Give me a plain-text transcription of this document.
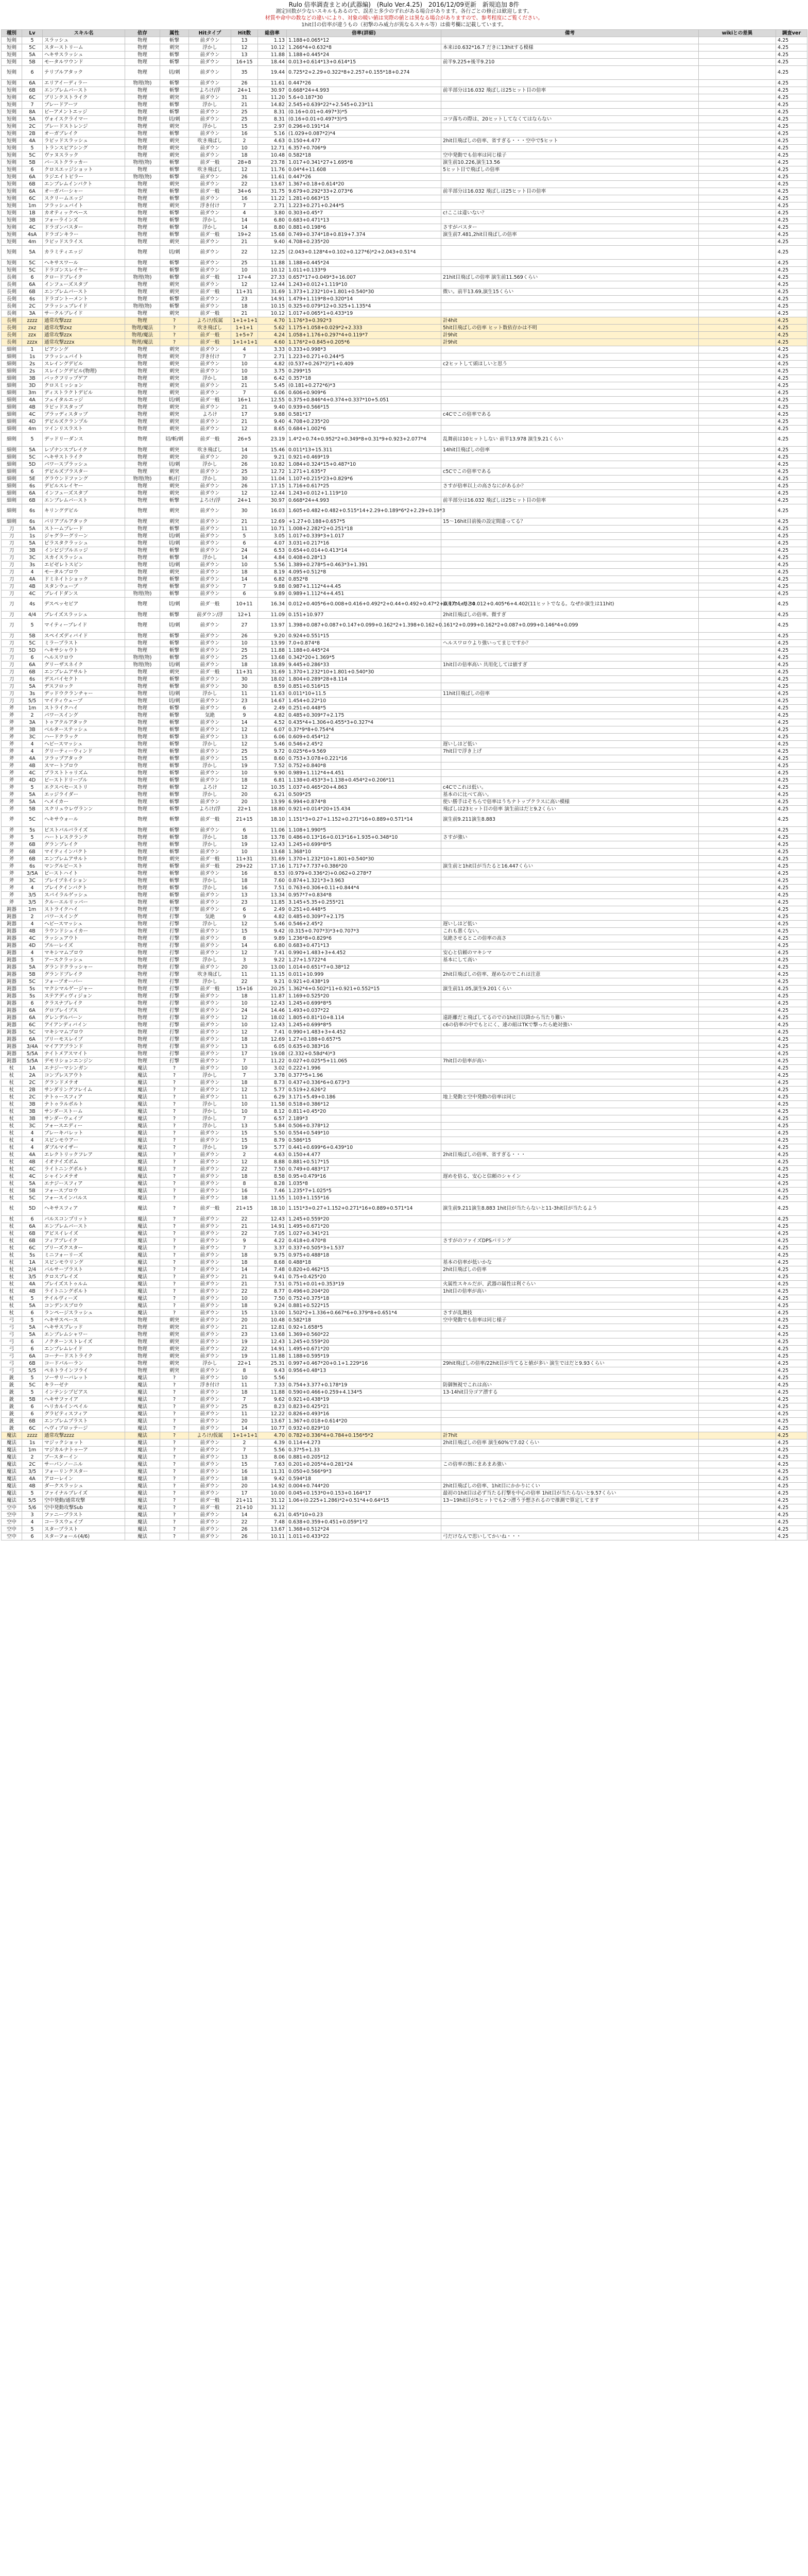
Rulo 倍率調査まとめ(武器編) (Rulo Ver.4.25) 2016/12/09更新 新規追加 8件
測定回数が少ないスキルもあるので、誤差と多少のずれがある場合があります。各行ごとの修正は歓迎します。
材質や命中の数などの違いにより、対象の暖い値は実際の値とは異なる場合がありますので、参考程度にご覧ください。
1hit目の倍率が違うもの（初撃のみ威力が異なるスキル等）は備考欄に記載しています。
種別	Lv	スキル名	依存	属性	Hitタイプ	Hit数	総倍率	倍率(詳細)	備考	wikiとの差異	調査ver
短剣	5	スラッシュ	物理	斬撃	前ダウン	13	1.13	1.188+0.065*12			4.25
短剣	5C	スターストリーム	物理	刺突	浮かし	12	10.12	1.266*4+0.632*8	本来は0.632*16.7 だきに13hitする模様		4.25
短剣	5A	ヘキサスラッシュ	物理	斬撃	前ダウン	13	11.88	1.188+0.445*24			4.25
短剣	5B	モータルワウンド	物理	斬撃	前ダウン	16+15	18.44	0.013+0.614*13+0.614*15	前半9.225+後半9.210		4.25
短剣	6	テリブルアタック	物理	切/刺	前ダウン	35	19.44	0.725*2+2.29+0.322*8+2.257+0.155*18+0.274			4.25
短剣	6A	エリアイーディラー	物理(物)	斬撃	前ダウン	26	11.61	0.447*26			4.25
短剣	6B	エンブレムバースト	物理	斬撃	よろけ/浮	24+1	30.97	0.668*24+4.993	前半部分は16.032 飛ばしは25ヒット目の倍率		4.25
短剣	6C	ブリンクストライク	物理	刺突	前ダウン	31	11.20	5.6+0.187*30			4.25
短剣	7	ブレードアーツ	物理	斬撃	浮かし	21	14.82	2.545+0.639*22*+2.545+0.23*11			4.25
短剣	8A	ビーアメントエッジ	物理	斬撃	前ダウン	25	8.31	(0.16+0.01+0.497*3)*5			4.25
短剣	5A	ヴォイスクライマー	物理	切/刺	前ダウン	25	8.31	(0.16+0.01+0.497*3)*5	コツ落ちの際は、20ヒットしてなくてはならない		4.25
短剣	2C	ブレードストレンジ	物理	刺突	浮かし	15	2.97	0.296+0.191*14			4.25
短剣	2B	オーガブレイク	物理	斬撃	前ダウン	16	5.16	(1.029+0.087*2)*4			4.25
短剣	4A	ラピッドスラッシュ	物理	刺突	吹き飛ばし	2	4.63	0.150+4.477	2hit目飛ばしの倍率、省すぎる・・・空中で5ヒット		4.25
短剣	5	トランスピアシング	物理	刺突	前ダウン	10	12.71	6.357+0.706*9			4.25
短剣	5C	ヴァヌスラック	物理	刺突	前ダウン	18	10.48	0.582*18	空中発動でも倍率は同じ様子		4.25
短剣	5B	バーストクラッカー	物理(物)	斬撃	前ダ一般	28+8	23.78	1.017+0.341*27+1.695*8	演生前10.226,演生13.56		4.25
短剣	6	クロスエッジショット	物理	斬撃	吹き飛ばし	12	11.76	0.04*4+11.608	5ヒット目で飛ばしの倍率		4.25
短剣	6A	ラジエイトピラー	物理(物)	斬撃	前ダウン	26	11.61	0.447*26			4.25
短剣	6B	エンブレムインパクト	物理	刺突	前ダウン	22	13.67	1.367+0.18+0.614*20			4.25
短剣	6A	オーガバーシャー	物理	斬撃	前ダ一般	34+6	31.75	9.679+0.292*33+2.073*6	前半部分は16.032 飛ばしは25ヒット目の倍率		4.25
短剣	6C	スクリームエッジ	物理	斬撃	前ダウン	16	11.22	1.281+0.663*15			4.25
短剣	1m	フラッシュバイト	物理	刺突	浮き付け	7	2.71	1.223+0.271+0.244*5			4.25
短剣	1B	カオティックペース	物理	斬撃	前ダウン	4	3.80	0.303+0.45*7	c!ここは違いない？		4.25
短剣	3B	フォーラインズ	物理	斬撃	浮かし	14	6.80	0.683+0.471*13			4.25
短剣	4C	ドラゴンバスター	物理	斬撃	浮かし	14	8.80	0.881+0.198*6	さすがバスター		4.25
短剣	4sA	ドラゴンキラー	物理	斬撃	前ダ一般	19+2	15.68	0.749+0.374*18+0.819+7.374	演生前7.481,2hit目飛ばしの倍率		4.25
短剣	4m	ラピッドスライス	物理	刺突	前ダウン	21	9.40	4.708+0.235*20			4.25
短剣	5A	カラミティエッジ	物理	切/刺	前ダウン	22	12.25	(2.043+0.128*4+0.102+0.127*6)*2+2.043+0.51*4			4.25
短剣	5C	ヘキサスワール	物理	斬撃	前ダウン	25	11.88	1.188+0.445*24			4.25
短剣	5C	ドラゴンスレイヤー	物理	斬撃	前ダウン	10	10.12	1.011+0.133*9			4.25
長剣	6	クロードブレイク	物理(物)	斬撃	前ダ一般	17+4	27.33	0.657*17+0.049*3+16.007	21hit目飛ばしの倍率 演生前11.569くらい		4.25
長剣	6A	インフューズスタブ	物理	刺突	前ダウン	12	12.44	1.243+0.012+1.119*10			4.25
長剣	6B	エンブレムバースト	物理	刺突	前ダ一般	11+31	31.69	1.373+1.232*10+1.801+0.540*30	微い。前半13.69,演生15くらい		4.25
長剣	6s	ドラゴントーメント	物理	斬撃	前ダウン	23	14.91	1.479+1.119*8+0.320*14			4.25
長剣	2C	フラッシュブレイド	物理(物)	斬撃	前ダウン	18	10.15	0.325+0.079*12+0.325+1.135*4			4.25
長剣	3A	サークルブレイド	物理	刺突	前ダ一般	21	10.12	1.017+0.065*1+0.433*19			4.25
長剣	zzzz	通常攻撃zzz	物理	?	よろけ/仮属	1+1+1+1	4.70	1.176*3+0.392*3	計4hit		4.25
長剣	zxz	通常攻撃zxz	物理/魔法	?	吹き飛ばし	1+1+1	5.62	1.175+1.058+0.029*2+2.333	5hit目飛ばしの倍率 ヒット数依存かは不明		4.25
長剣	zzx	通常攻撃zzx	物理/魔法	?	前ダ一般	1+5+7	4.24	1.058+1.176+0.297*4+0.119*7	計9hit		4.25
長剣	zzzx	通常攻撃zzzx	物理/魔法	?	前ダ一般	1+1+1+1	4.60	1.176*2+0.845+0.205*6	計9hit		4.25
細剣	1	ピアシング	物理	刺突	前ダウン	4	3.33	0.333+0.998*3			4.25
細剣	1s	フラッシュバイト	物理	刺突	浮き付け	7	2.71	1.223+0.271+0.244*5			4.25
細剣	2s	スレイングデビル	物理	刺突	前ダウン	10	4.82	(0.537+0.267*2)*1+0.409	c2ヒットして頭ほしいと思う		4.25
細剣	2s	スレイングデビル(物理)	物理	刺突	前ダウン	10	3.75	0.299*15			4.25
細剣	3B	バックフリップゲア	物理	刺突	浮かし	18	6.42	0.357*18			4.25
細剣	3D	クロスミッション	物理	刺突	前ダウン	21	5.45	(0.181+0.272*6)*3			4.25
細剣	3m	ディストラクトデビル	物理	刺突	前ダウン	7	6.06	0.606+0.909*6			4.25
細剣	4A	フェイタルエッジ	物理	切/刺	前ダ一般	16+1	12.55	0.375+0.846*4+0.374+0.337*10+5.051			4.25
細剣	4B	ラピッドスタッブ	物理	刺突	前ダウン	21	9.40	0.939+0.566*15			4.25
細剣	4C	ブラッディスタッブ	物理	刺突	よろけ	17	9.88	0.581*17	c4Cでこの倍率である		4.25
細剣	4D	デビルズクランプル	物理	刺突	前ダウン	21	9.40	4.708+0.235*20			4.25
細剣	4m	ツインリスラスト	物理	刺突	前ダウン	12	8.65	0.684+1.002*6			4.25
細剣	5	デッドリーダンス	物理	切/斬/刺	前ダ一般	26+5	23.19	1.4*2+0.74+0.952*2+0.349*8+0.31*9+0.923+2.077*4	乱舞前は10ヒットしない 前半13.978 演生9.21くらい		4.25
細剣	5A	レゾナンスブレイク	物理	刺突	吹き飛ばし	14	15.46	0.011*13+15.311	14hit目飛ばしの倍率		4.25
細剣	5C	ヘキサストライク	物理	刺突	前ダウン	20	9.21	0.921+0.469*19			4.25
細剣	5D	パワースプラッシュ	物理	切/刺	浮かし	26	10.82	1.084+0.324*15+0.487*10			4.25
細剣	6	デビルズブラスター	物理	刺突	前ダウン	25	12.72	1.271+1.635*7	c5Cでこの倍率である		4.25
細剣	5E	グラウンドファング	物理(物)	斬/打	浮かし	30	11.04	1.107+0.215*23+0.829*6			4.25
細剣	6s	デビルスレイヤー	物理	刺突	前ダウン	26	17.15	1.716+0.617*25	さすが倍率以上の高さなにがあるか？		4.25
細剣	6A	インフューズスタブ	物理	刺突	前ダウン	12	12.44	1.243+0.012+1.119*10			4.25
細剣	6B	エンブレムバースト	物理	斬撃	よろけ/浮	24+1	30.97	0.668*24+4.993	前半部分は16.032 飛ばしは25ヒット目の倍率		4.25
細剣	6s	キリングデビル	物理	刺突	前ダウン	30	16.03	1.605+0.482+0.482+0.515*14+2.29+0.189*6*2+2.29+0.19*3			4.25
細剣	6s	パリアブルアタック	物理	刺突	前ダウン	21	12.69	+1.27+0.188+0.657*5	15～16hit目前後の設定間違ってる？		4.25
刀	5A	ストームブレード	物理	斬撃	前ダウン	11	10.71	1.008+2.282*2+0.251*18			4.25
刀	1s	ジャグラーグリーン	物理	切/刺	前ダウン	5	3.05	1.017+0.339*3+1.017			4.25
刀	5A	ピラスタクラッシュ	物理	切/刺	前ダウン	6	4.07	3.031+0.217*16			4.25
刀	3B	インビジブルエッジ	物理	斬撃	前ダウン	24	6.53	0.654+0.014+0.413*14			4.25
刀	3C	スカイスラッシュ	物理	斬撃	浮かし	14	4.84	0.408+0.28*13			4.25
刀	3s	エビゼレトスピン	物理	切/刺	前ダウン	10	5.56	1.389+0.278*5+0.463*3+1.391			4.25
刀	4	モータルブロウ	物理	刺突	前ダウン	18	8.19	4.095+0.512*8			4.25
刀	4A	ドミネイトショック	物理	斬撃	前ダウン	14	6.82	0.852*8			4.25
刀	4B	スタンウェーブ	物理	斬撃	前ダウン	7	9.88	0.987+1.112*4+4.45			4.25
刀	4C	ブレイドダンス	物理(物)	斬撃	前ダウン	6	9.89	0.989+1.112*4+4.451			4.25
刀	4s	デスペッセピア	物理	切/刺	前ダ一般	10+11	16.34	0.012+0.405*6+0.008+0.416+0.492*2+0.44+0.492+0.47*2+0.47*4+0.34	演生なしだと0.012+0.405*6+4.402(11ヒットでなる。なぜか演生は11hit)		4.25
刀	4/4	ブレイズスラッシュ	物理	斬撃	前ダウン/浮	12+1	11.09	0.151+10.977	2hit目飛ばしの倍率。微すぎ		4.25
刀	5	マイティーブレイド	物理	切/刺	前ダウン	27	13.97	1.398+0.087+0.087+0.147+0.099+0.162*2+1.398+0.162+0.161*2+0.099+0.162*2+0.087+0.099+0.146*4+0.099			4.25
刀	5B	スペイズディバイド	物理	斬撃	前ダウン	26	9.20	0.924+0.551*15			4.25
刀	5C	ミラーブラスト	物理	斬撃	前ダウン	10	13.99	7.0+0.874*8	ヘルスワロウより強いってまじですか？		4.25
刀	5D	ヘキサシャウト	物理	斬撃	前ダウン	25	11.88	1.188+0.445*24			4.25
刀	6	ヘルスワロウ	物理(物)	斬撃	前ダウン	25	13.68	0.342*20+1.369*5			4.25
刀	6A	グリーザスネイク	物理(物)	切/刺	前ダウン	18	18.89	9.445+0.286*33	1hit目の倍率高い 共用化しては値すぎ		4.25
刀	6B	エンブレムアサルト	物理	刺突	前ダ一般	11+31	31.69	1.370+1.232*10+1.801+0.540*30			4.25
刀	6s	デスバイセクト	物理	斬撃	前ダウン	30	18.02	1.804+0.289*28+8.114			4.25
刀	5A	デスフロック	物理	斬撃	前ダウン	30	8.59	0.851+0.516*15			4.25
刀	3s	デッドウクランチャー	物理	切/刺	浮かし	11	11.63	0.011*10+11.5	11hit目飛ばしの倍率		4.25
刀	5/5	マイティウェーブ	物理	切/刺	前ダウン	23	14.67	1.454+0.22*10			4.25
斧	1m	ストライクハイ	物理	斬撃	前ダウン	6	2.49	0.251+0.448*5			4.25
斧	2	パワースイング	物理	斬撃	気絶	9	4.82	0.485+0.309*7+2.175			4.25
斧	3A	トゥアクルアタック	物理	斬撃	前ダウン	14	4.52	0.435*4+1.306+0.455*3+0.327*4			4.25
斧	3B	ベルターステッシュ	物理	斬撃	前ダウン	12	6.07	0.37*9*8+0.754*4			4.25
斧	3C	ハードクラック	物理	斬撃	前ダウン	13	6.06	0.609+0.454*12			4.25
斧	4	ヘビースマッシュ	物理	斬撃	浮かし	12	5.46	0.546+2.45*2	遅いしほど低い		4.25
斧	4	グリーティーウィンド	物理	斬撃	前ダウン	25	9.72	0.025*6+9.569	7hit目で浮き上げ		4.25
斧	4A	フラップアタック	物理	斬撃	前ダウン	15	8.60	0.753+3.078+0.221*16			4.25
斧	4B	スマートブロウ	物理	斬撃	浮かし	19	7.52	0.752+0.840*8			4.25
斧	4C	プラストトゥリズム	物理	斬撃	前ダウン	10	9.90	0.989+1.112*4+4.451			4.25
斧	4D	ビーストドリーブル	物理	斬撃	前ダウン	18	6.81	1.138+0.453*3+1.138+0.454*2+0.206*11			4.25
斧	5	エクスベセーストリ	物理	斬撃	よろけ	12	10.35	1.037+0.465*20+4.863	c4Cでこれは低い。		4.25
斧	5A	エッジライダー	物理	斬撃	浮かし	20	6.21	0.509*25	基本のに比べて高い。		4.25
斧	5A	ヘメイカー	物理	斬撃	前ダウン	20	13.99	6.994+0.874*8	使い勝手はそちらで倍率はうちナトップクラスに高い模様		4.25
斧	5B	スクリュウレヴランン	物理	斬撃	よろけ/浮	22+1	18.80	0.921+0.014*20+15.434	飛ばしは23ヒット目の倍率 演生前はだと9.2くらい		4.25
斧	5C	ヘキサウォール	物理	斬撃	前ダ一般	21+15	18.10	1.151*3+0.27+1.152+0.271*16+0.889+0.571*14	演生前9.211演生8.883		4.25
斧	5s	ビストバルバライズ	物理	斬撃	前ダウン	6	11.06	1.108+1.990*5			4.25
斧	5	ハートレスクランク	物理	斬撃	浮かし	18	13.78	0.486+0.13*16+0.013*16+1.935+0.348*10	さすが強い		4.25
斧	6B	グランブレイク	物理	斬撃	浮かし	19	12.43	1.245+0.699*8*5			4.25
斧	6B	マイティインパクト	物理	斬撃	前ダウン	10	13.68	1.368*10			4.25
斧	6B	エンブレムアサルト	物理	刺突	前ダ一般	11+31	31.69	1.370+1.232*10+1.801+0.540*30			4.25
斧	6s	マングルビースト	物理	斬撃	前ダ一般	29+22	17.16	1.717+7.737+0.386*20	演生前と1hit目が当たると16.447くらい		4.25
斧	3/5A	ビーストハイト	物理	斬撃	前ダウン	16	8.53	(0.979+0.336*2)+0.062+0.278*7			4.25
斧	3C	ブレイブネイション	物理	斬撃	浮かし	18	7.60	0.874+1.321*3+3.963			4.25
斧	4	ブレイクインパクト	物理	斬撃	浮かし	16	7.51	0.763+0.306+0.11+0.844*4			4.25
斧	3/5	スパイラルゲッシュ	物理	斬撃	前ダウン	13	13.34	0.957*7+0.834*8			4.25
斧	3/5	クルーエルリッパー	物理	斬撃	前ダウン	23	11.85	3.145+5.35+0.255*21			4.25
鈍器	1m	ストライクハイ	物理	打撃	前ダウン	6	2.49	0.251+0.448*5			4.25
鈍器	2	パワースイング	物理	打撃	気絶	9	4.82	0.485+0.309*7+2.175			4.25
鈍器	4	ヘビースマッシュ	物理	打撃	浮かし	12	5.46	0.546+2.45*2	遅いしほど低い		4.25
鈍器	4B	ラウンドシェイカー	物理	打撃	前ダウン	15	9.42	(0.315+0.707*3)*3+0.707*3	これも悪くない。		4.25
鈍器	4C	ラッシュアウト	物理	打撃	前ダウン	8	9.89	1.236*8+0.829*6	気絶させるとこの倍率の高さ		4.25
鈍器	4D	ブルーレイズ	物理	打撃	前ダウン	14	6.80	0.683+0.471*13			4.25
鈍器	4	マキシマムブロウ	物理	打撃	前ダウン	12	7.41	0.990+1.483+3+4.452	安心と信頼のマキシマ		4.25
鈍器	5	アースクラッシュ	物理	打撃	浮かし	3	9.22	1.27+1.5722*4	基本にして高い		4.25
鈍器	5A	グランドクラッシャー	物理	打撃	前ダウン	20	13.00	1.014+0.651*7+0.38*12			4.25
鈍器	5B	グランドブレイク	物理	打撃	吹き飛ばし	11	11.15	0.011+10.999	2hit目飛ばしの倍率、遅めなのでこれは注意		4.25
鈍器	5C	フォーブオーバー	物理	打撃	浮かし	22	9.21	0.921+0.438*19			4.25
鈍器	5s	マクシマルゲージャー	物理	打撃	前ダ一般	15+16	20.25	1.362*4+0.502*11+0.921+0.552*15	演生前11.05,演生9.201くらい		4.25
鈍器	5s	ステアディヴィジョン	物理	打撃	前ダウン	18	11.87	1.169+0.525*20			4.25
鈍器	6	クラスナブレイク	物理	打撃	前ダウン	10	12.43	1.245+0.699*8*5			4.25
鈍器	6A	グロブレイブス	物理	打撃	前ダウン	24	14.46	1.493+0.037*22			4.25
鈍器	6A	グレンデルバーン	物理	打撃	前ダウン	12	18.02	1.805+0.81*10+8.114	遠距離だと飛ばしてるのでの1hit目以降から当たり難い		4.25
鈍器	6C	アイアンディバイン	物理	打撃	前ダウン	10	12.43	1.245+0.699*8*5	c6の倍率の中でもとにく、連の組はTKで撃ったら絶対強い		4.25
鈍器	5C	マキシマムブロウ	物理	打撃	前ダウン	12	7.41	0.990+1.483+3+4.452			4.25
鈍器	6A	ブリーモスレイブ	物理	打撃	前ダウン	18	12.69	1.27+0.188+0.657*5			4.25
鈍器	3/4A	マイアアブランド	物理	打撃	前ダウン	13	6.05	0.635+0.383*16			4.25
鈍器	5/5A	ナイトメアスマイト	物理	打撃	前ダウン	17	19.08	(2.332+0.58d*4)*3			4.25
鈍器	5/5A	デモリションエンジン	物理	打撃	前ダウン	7	11.22	0.027+0.025*5+11.065	7hit目の倍率が高い		4.25
杖	1A	エナジーマシンガン	魔法	?	前ダウン	10	3.02	0.222+1.996			4.25
杖	2A	コンプレスアウト	魔法	?	浮かし	7	3.78	0.377*5+1.96			4.25
杖	2C	グランドメテオ	魔法	?	前ダウン	18	8.73	0.437+0.336*6+0.673*3			4.25
杖	2B	サンダリングフレイム	魔法	?	前ダウン	12	5.77	0.519+2.626*2			4.25
杖	2C	ナトゥースフィア	魔法	?	前ダウン	11	6.29	3.171+5.49+0.186	地上発動と空中発動の倍率は同じ		4.25
杖	3B	ナトゥラルボルト	魔法	?	浮かし	10	11.58	0.518+0.386*12			4.25
杖	3B	サンダーストーム	魔法	?	浮かし	10	8.12	0.811+0.45*20			4.25
杖	3B	サンダーウェイブ	魔法	?	浮かし	7	6.57	2.189*3			4.25
杖	3C	フォースエディー	魔法	?	浮かし	13	5.84	0.506+0.378*12			4.25
杖	4	ブレーキバレット	魔法	?	前ダウン	15	5.50	0.554+0.549*10			4.25
杖	4	スピンモウアー	魔法	?	前ダウン	15	8.79	0.586*15			4.25
杖	4	ダブルマイザー	魔法	?	浮かし	19	5.77	0.441+0.699*6+0.439*10			4.25
杖	4A	エレクトリックフレア	魔法	?	前ダウン	2	4.63	0.150+4.477	2hit目飛ばしの倍率、省すぎる・・・		4.25
杖	4B	イオナイズボム	魔法	?	前ダウン	12	8.88	0.881+0.517*15			4.25
杖	4C	ライトニングボルト	魔法	?	前ダウン	22	7.50	0.749+0.483*17			4.25
杖	4C	シャインメテオ	魔法	?	前ダウン	18	8.58	0.95+0.479*16	遅めを倍る、安心と信頼のシャイン		4.25
杖	5A	エナジースフィア	魔法	?	前ダウン	8	8.28	1.035*8			4.25
杖	5B	フォースブロウ	魔法	?	前ダウン	16	7.46	1.235*7+1.025*5			4.25
杖	5C	フォースインパルス	魔法	?	前ダウン	18	11.55	1.103+1.155*16			4.25
杖	5D	ヘキサスフィア	魔法	?	前ダ一般	21+15	18.10	1.151*3+0.27+1.152+0.271*16+0.889+0.571*14	演生前9.211演生8.883 1hit目が当たらないと11-3hit目が当たるよう		4.25
杖	6	パルスコンプリット	魔法	?	前ダウン	22	12.43	1.245+0.559*20			4.25
杖	6A	エンブレムバースト	魔法	?	前ダウン	21	14.91	1.495+0.671*20			4.25
杖	6B	アビスイレイズ	魔法	?	前ダウン	22	7.05	1.027+0.341*21			4.25
杖	6B	フィアブレイク	魔法	?	前ダウン	9	4.22	0.418+0.470*8	さすがのファイズDPSパリング		4.25
杖	6C	ブリーズクスター	魔法	?	前ダウン	7	3.37	0.337+0.505*3+1.537			4.25
杖	5s	ミニフォーリーズ	魔法	?	前ダウン	18	9.75	0.975+0.488*18			4.25
杖	1A	スピンモウリング	魔法	?	前ダウン	18	8.68	0.488*18	基本の倍率が低いかな		4.25
杖	2/4	パルサーブラスト	魔法	?	前ダウン	14	7.48	0.820+0.462*15	2hit目飛ばしの倍率		4.25
杖	3/5	クロスブレイズ	魔法	?	前ダウン	21	9.41	0.75+0.425*20			4.25
杖	4A	ブレイズストゥルム	魔法	?	前ダウン	21	7.51	0.751+0.01+0.353*19	火属性スキルだが、武器の属性は利ぐらい		4.25
杖	4B	ライトニングボルト	魔法	?	前ダウン	22	8.77	0.496+0.204*20	1hit目の倍率が高い		4.25
杖	5	テイルヴィーズ	魔法	?	前ダウン	10	7.50	0.752+0.375*18			4.25
杖	5A	コンデンスブロウ	魔法	?	前ダウン	18	9.24	0.881+0.522*15			4.25
杖	6	ランページスラッシュ	魔法	?	前ダウン	15	13.00	1.502*2+1.336+0.667*6+0.379*8+0.651*4	さすが乱舞技		4.25
弓	5	ヘキサスペース	物理	刺突	前ダウン	20	10.48	0.582*18	空中発動でも倍率は同じ様子		4.25
弓	5A	ヘキサスプレッド	物理	刺突	前ダウン	21	12.81	0.92+1.658*5			4.25
弓	5A	エンブレムシャワー	物理	刺突	前ダウン	23	13.68	1.369+0.560*22			4.25
弓	6	ノクターンストレイズ	物理	刺突	前ダウン	19	12.43	1.245+0.559*20			4.25
弓	6	エンブレムレイド	物理	刺突	前ダウン	22	14.91	1.495+0.671*20			4.25
弓	6A	コーナードストライク	物理	刺突	前ダウン	19	11.88	1.188+0.595*19			4.25
弓	6B	コードバルーラン	物理	刺突	浮かし	22+1	25.31	0.997+0.467*20+0.1+1.229*16	29hit飛ばしの倍率/22hit目が当てると値が多い 演生ではだと9.93くらい		4.25
弓	5/5	ペネトラインフライ	物理	刺突	前ダウン	8	9.43	0.956+0.48*13			4.25
銃	5	ソーサリーバレット	魔法	?	前ダウン	10	5.56				4.25
銃	5C	キラーゼナ	魔法	?	浮き付け	11	7.33	0.754+3.377+0.178*19	防御無視でこれは高い		4.25
銃	5	インテンシブピアス	魔法	?	前ダウン	18	11.88	0.590+0.466+0.259+4.134*5	13-14hit目分ゴア漂する		4.25
銃	5B	ヘキサファイア	魔法	?	前ダウン	7	9.62	0.921+0.438*19			4.25
銃	6	ヘリカルインペイル	魔法	?	前ダウン	25	8.23	0.823+0.425*21			4.25
銃	6	グラビティスフィア	魔法	?	前ダウン	11	12.22	0.826+0.493*16			4.25
銃	6B	エンブレムブラスト	魔法	?	前ダウン	20	13.67	1.367+0.018+0.614*20			4.25
銃	6C	ヘヴィブロッテージ	魔法	?	前ダウン	14	10.77	0.932+0.829*10			4.25
魔法	zzzz	通常攻撃zzzz	魔法	?	よろけ/仮属	1+1+1+1	4.70	0.782+0.336*4+0.784+0.156*5*2	計7hit		4.25
魔法	1s	マジックショット	魔法	?	前ダウン	2	4.39	0.114+4.273	2hit目飛ばしの倍率 演生60%で7.02くらい		4.25
魔法	1m	マジカルナトゥーア	魔法	?	前ダウン	7	5.56	0.37*5+1.33			4.25
魔法	2	ブースターイン	魔法	?	前ダウン	13	8.06	0.881+0.205*12			4.25
魔法	2C	サーパンノーニル	魔法	?	前ダウン	15	7.63	0.201+0.205*4+0.281*24	この倍率の割にまあまあ強い		4.25
魔法	3/5	フォーリンクスター	魔法	?	前ダウン	16	11.31	0.050+0.566*9*3			4.25
魔法	4A	アローレイン	魔法	?	前ダウン	18	9.42	0.594*18			4.25
魔法	4B	ダークスラッシュ	魔法	?	前ダウン	20	14.92	0.004+0.744*20	2hit目飛ばしの倍率、1hit目にかかりにくい		4.25
魔法	5	ファイナルブレイズ	魔法	?	前ダウン	17	10.00	0.045+0.153*0+0.153+0.164*17	最初の1hit目は必ず当たる打撃を中心の倍率 1hit目が当たらないと9.57くらい		4.25
魔法	5/5	空中発動/通常攻撃	魔法	?	前ダ一般	21+11	31.12	1.06+(0.225+1.286)*2+0.51*4+0.64*15	13~19hit目が5ヒットでも2つ漂う予想されるので推測で算定してます		4.25
空中	5/6	空中発動攻撃Sub	魔法	?	前ダ一般	21+10	31.12				4.25
空中	3	ファニーブラスト	魔法	?	前ダウン	14	6.21	0.45*10+0.23			4.25
空中	4	コーラスウェイブ	魔法	?	前ダウン	22	7.48	0.638+0.359+0.451+0.059*1*2			4.25
空中	5	スターブラスト	魔法	?	前ダウン	26	13.67	1.368+0.512*24			4.25
空中	6	スターフォール(4/6)	魔法	?	前ダウン	26	10.11	1.011+0.433*22	弓だけなんで思いしてかいね・・・		4.25
